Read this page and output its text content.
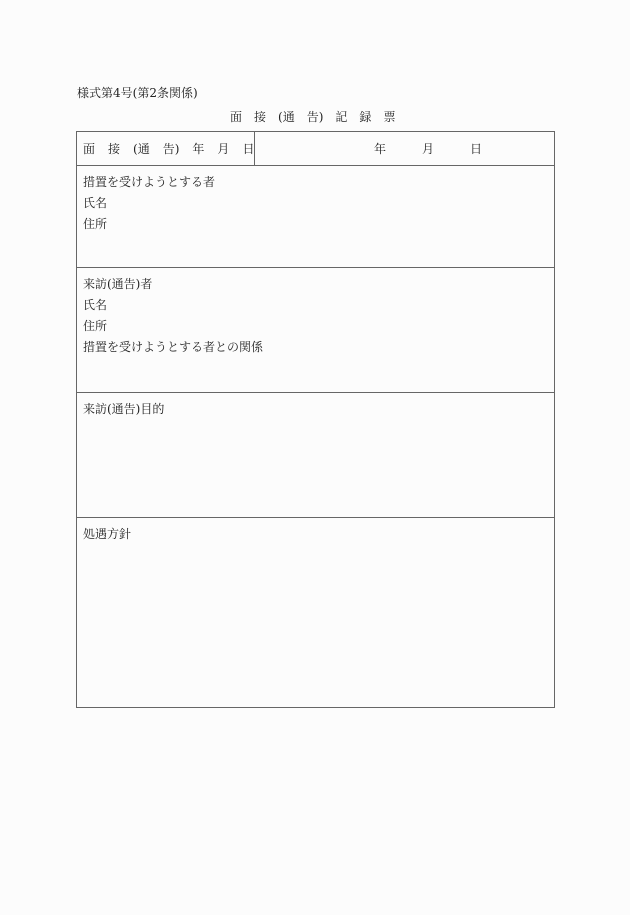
様式第4号(第2条関係)
面 接 (通 告) 記 録 票
面 接 (通 告) 年 月 日	年	月	日
措置を受けようとする者
氏名
住所
来訪(通告)者
氏名
住所
措置を受けようとする者との関係
来訪(通告)目的
処遇方針
